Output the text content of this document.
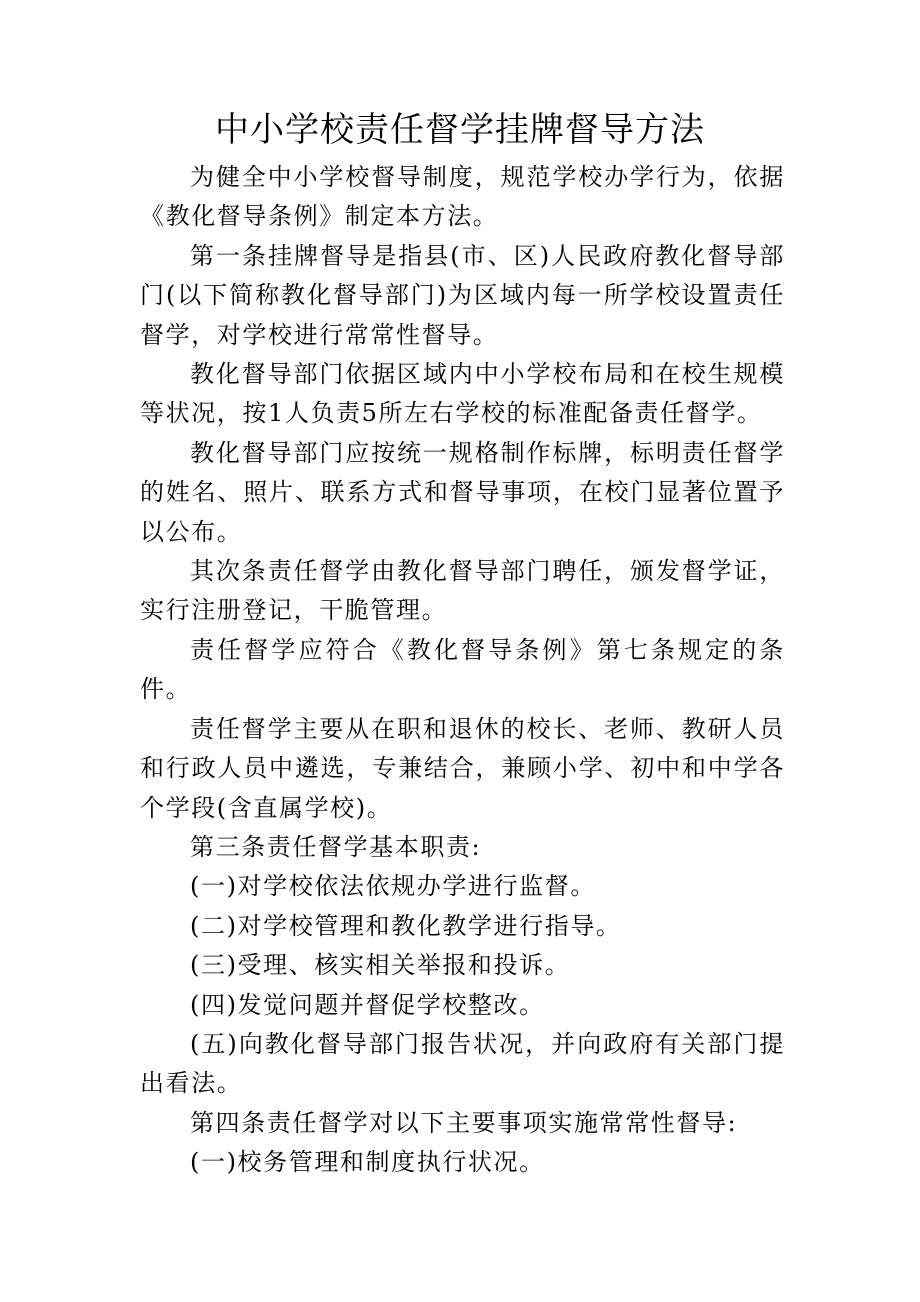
中小学校责任督学挂牌督导方法

为健全中小学校督导制度，规范学校办学行为，依据《教化督导条例》制定本方法。

第一条挂牌督导是指县(市、区)人民政府教化督导部门(以下简称教化督导部门)为区域内每一所学校设置责任督学，对学校进行常常性督导。

教化督导部门依据区域内中小学校布局和在校生规模等状况，按1人负责5所左右学校的标准配备责任督学。

教化督导部门应按统一规格制作标牌，标明责任督学的姓名、照片、联系方式和督导事项，在校门显著位置予以公布。

其次条责任督学由教化督导部门聘任，颁发督学证，实行注册登记，干脆管理。

责任督学应符合《教化督导条例》第七条规定的条件。

责任督学主要从在职和退休的校长、老师、教研人员和行政人员中遴选，专兼结合，兼顾小学、初中和中学各个学段(含直属学校)。

第三条责任督学基本职责:

(一)对学校依法依规办学进行监督。

(二)对学校管理和教化教学进行指导。

(三)受理、核实相关举报和投诉。

(四)发觉问题并督促学校整改。

(五)向教化督导部门报告状况，并向政府有关部门提出看法。

第四条责任督学对以下主要事项实施常常性督导:

(一)校务管理和制度执行状况。
